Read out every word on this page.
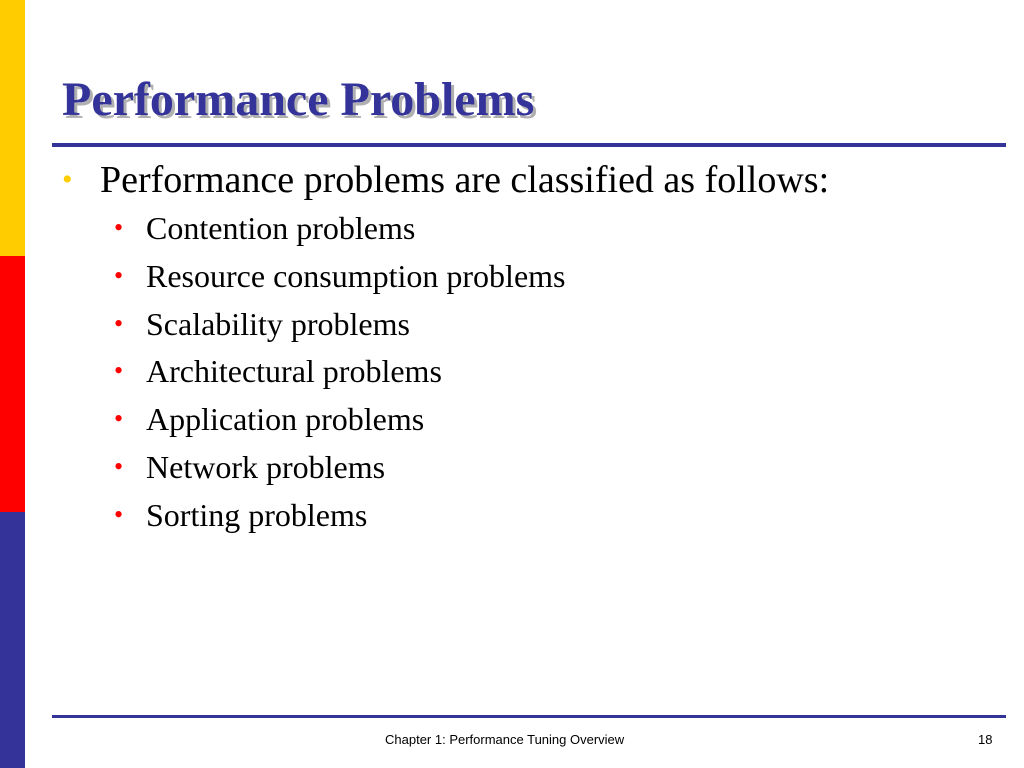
Performance Problems
• Performance problems are classified as follows:
• Contention problems
• Resource consumption problems
• Scalability problems
• Architectural problems
• Application problems
• Network problems
• Sorting problems
Chapter 1: Performance Tuning Overview	18
